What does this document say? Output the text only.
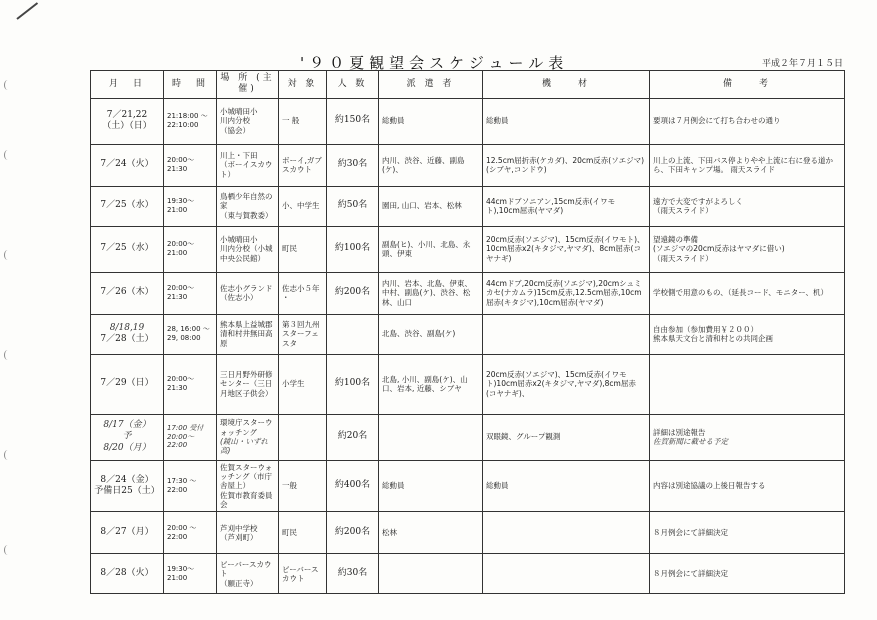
'９０夏観望会スケジュール表	平成２年７月１５日
月　日	時　間	場 所 (主催)	対 象	人 数	派 遣 者	機　　材	備　　考
7／21,22
（土）（日）	21:18:00 〜
22:10:00	小城晴田小
川内分校
（協会）	一 般	約150名	総動員	総動員	要項は７月例会にて打ち合わせの通り
7／24（火）	20:00〜21:30	川上・下田
（ボーイスカウト）	ボーイ,ガブ スカウト	約30名	内川、渋谷、近藤、副島(ケ)、	12.5cm屈折赤(ケカダ)、20cm反赤(ソエジマ)
(シブヤ,コンドウ)	川上の上流、下田バス停よりやや上流に右に登る道から、下田キャンプ場。 雨天スライド
7／25（水）	19:30〜21:00	鳥栖少年自然の家
（東与賀教委）	小、中学生	約50名	園田, 山口、岩本、松林	44cmドブソニアン,15cm反赤(イワモト),10cm屈赤(ヤマダ)	遠方で大変ですがよろしく
（雨天スライド）
7／25（水）	20:00〜21:00	小城晴田小
川内分校（小城中央公民館）	町民	約100名	副島(ヒ)、小川、北島、永頭、伊東	20cm反赤(ソエジマ)、15cm反赤(イワモト)、10cm屈赤x2(キタジマ,ヤマダ)、8cm屈赤(コヤナギ)	望遠鏡の準備
(ソエジマの20cm反赤はヤマダに借い)
（雨天スライド）
7／26（木）	20:00〜21:30	佐志小グランド
（佐志小）	佐志小５年
・	約200名	内川、岩本、北島、伊東、中村、副島(ケ)、渋谷、松林、山口	44cmドブ,20cm反赤(ソエジマ),20cmシュミカセ(ナカムラ)15cm反赤,12.5cm屈赤,10cm屈赤(キタジマ),10cm屈赤(ヤマダ)	学校側で用意のもの、（延長コード、モニター、机）

8/18,19
7／28（土）	28, 16:00 〜
29, 08:00	熊本県上益城郡清和村井無田高原	第３回九州スターフェスタ		北島、渋谷、副島(ケ)		自由参加（参加費用￥２００）
熊本県天文台と清和村との共同企画
7／29（日）	20:00〜21:30	三日月野外研修センター（三日月地区子供会）	小学生	約100名	北島, 小川、副島(ケ)、山口、岩本, 近藤、シブヤ	20cm反赤(ソエジマ)、15cm反赤(イワモト)10cm屈赤x2(キタジマ,ヤマダ),8cm屈赤(コヤナギ)、	

8/17（金）
予
8/20（月）	17:00 受付
20:00〜
22:00	環境庁スターウォッチング
(鏡山・いずれ高)		約20名		双眼鏡、グループ観測	詳細は別途報告
佐賀新聞に載せる予定

8／24（金）
予備日25（土）	17:30 〜
22:00	佐賀スターウォッチング（市庁舎屋上）
佐賀市教育委員会	一般	約400名	総動員	総動員	内容は別途協議の上後日報告する
8／27（月）	20:00 〜
22:00	芦刈中学校
（芦刈町）	町民	約200名	松林		８月例会にて詳細決定
8／28（火）	19:30〜21:00	ビーバースカウト
（願正寺）	ビーバースカウト	約30名			８月例会にて詳細決定
